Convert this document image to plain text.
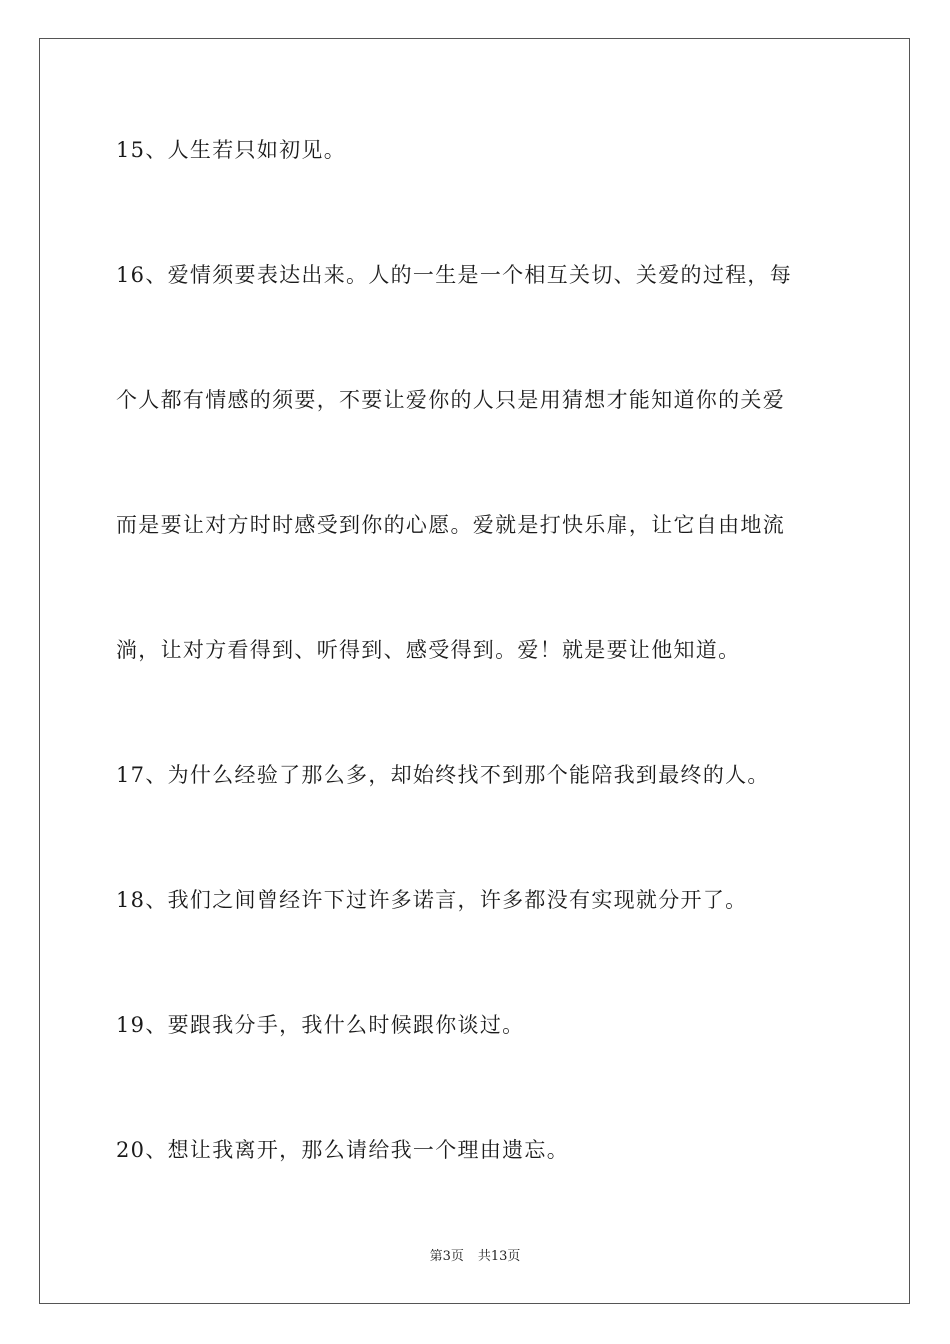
15、人生若只如初见。
16、爱情须要表达出来。人的一生是一个相互关切、关爱的过程，每
个人都有情感的须要，不要让爱你的人只是用猜想才能知道你的关爱
而是要让对方时时感受到你的心愿。爱就是打快乐扉，让它自由地流
淌，让对方看得到、听得到、感受得到。爱！就是要让他知道。
17、为什么经验了那么多，却始终找不到那个能陪我到最终的人。
18、我们之间曾经许下过许多诺言，许多都没有实现就分开了。
19、要跟我分手，我什么时候跟你谈过。
20、想让我离开，那么请给我一个理由遗忘。
第3页 共13页
